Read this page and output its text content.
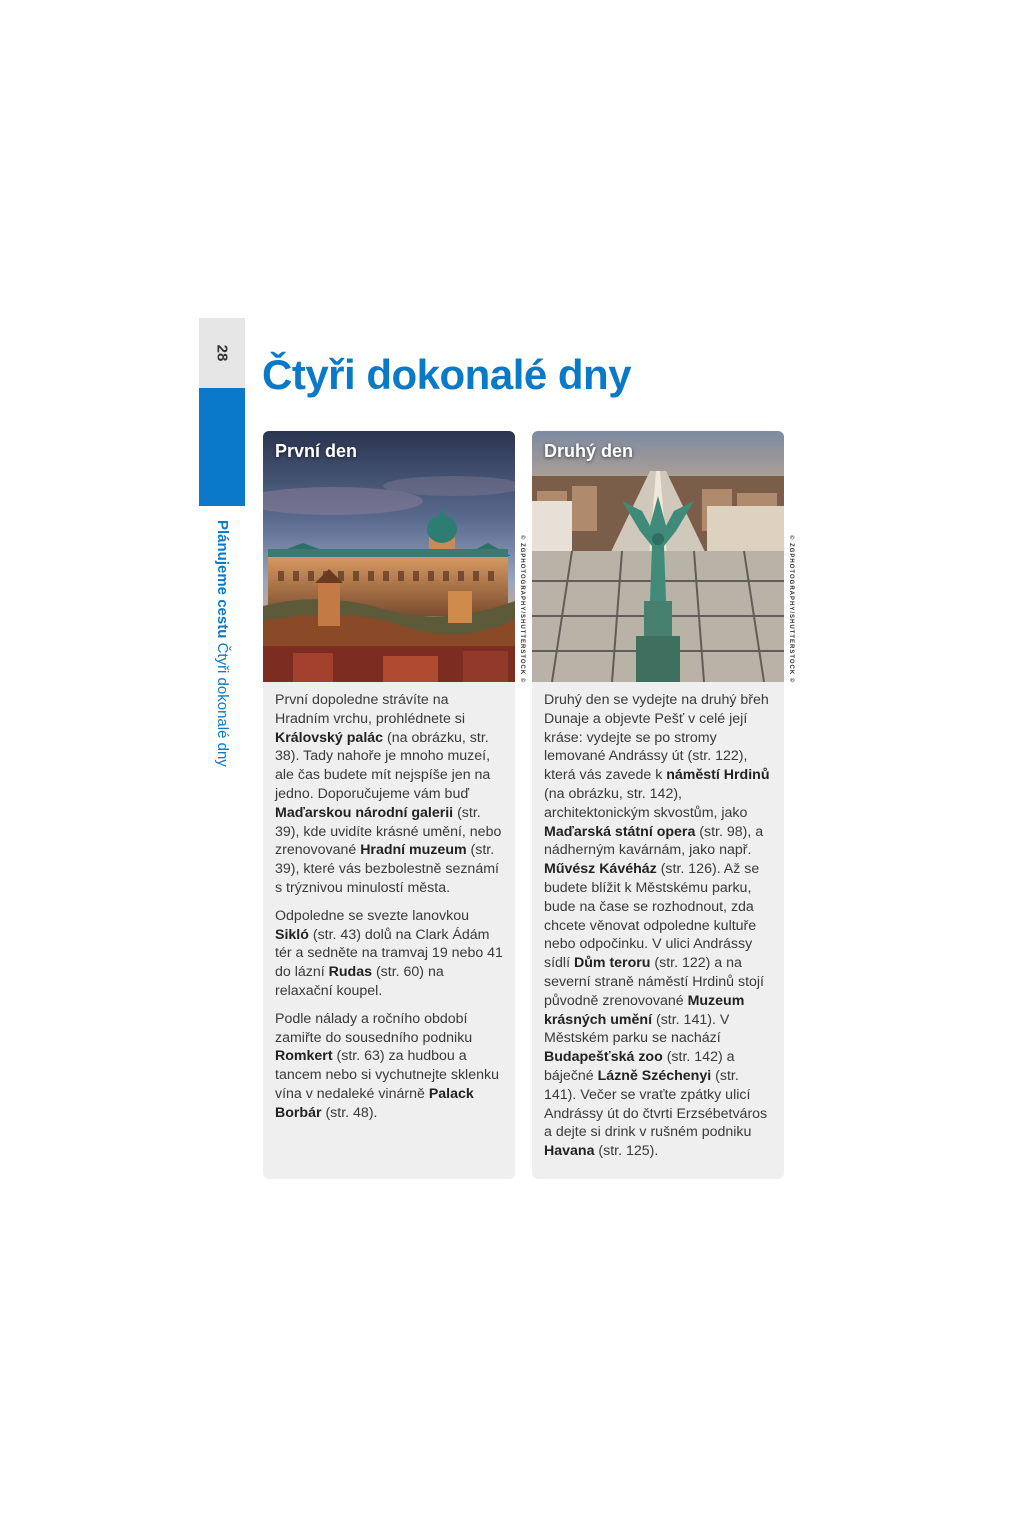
28
Plánujeme cestu Čtyři dokonalé dny
Čtyři dokonalé dny
První den

První dopoledne strávíte na Hradním vrchu, prohlédnete si Královský palác (na obrázku, str. 38). Tady nahoře je mnoho muzeí, ale čas budete mít nejspíše jen na jedno. Doporučujeme vám buď Maďarskou národní galerii (str. 39), kde uvidíte krásné umění, nebo zrenovované Hradní muzeum (str. 39), které vás bezbolestně seznámí s trýznivou minulostí města.

Odpoledne se svezte lanovkou Sikló (str. 43) dolů na Clark Ádám tér a sedněte na tramvaj 19 nebo 41 do lázní Rudas (str. 60) na relaxační koupel.

Podle nálady a ročního období zamiřte do sousedního podniku Romkert (str. 63) za hudbou a tancem nebo si vychutnejte sklenku vína v nedaleké vinárně Palack Borbár (str. 48).

© ZGPHOTOGRAPHY/SHUTTERSTOCK ©
Druhý den

Druhý den se vydejte na druhý břeh Dunaje a objevte Pešť v celé její kráse: vydejte se po stromy lemované Andrássy út (str. 122), která vás zavede k náměstí Hrdinů (na obrázku, str. 142), architektonickým skvostům, jako Maďarská státní opera (str. 98), a nádherným kavárnám, jako např. Művész Kávéház (str. 126). Až se budete blížit k Městskému parku, bude na čase se rozhodnout, zda chcete věnovat odpoledne kultuře nebo odpočinku. V ulici Andrássy sídlí Dům teroru (str. 122) a na severní straně náměstí Hrdinů stojí původně zrenovované Muzeum krásných umění (str. 141). V Městském parku se nachází Budapešťská zoo (str. 142) a báječné Lázně Széchenyi (str. 141). Večer se vraťte zpátky ulicí Andrássy út do čtvrti Erzsébetváros a dejte si drink v rušném podniku Havana (str. 125).

© ZGPHOTOGRAPHY/SHUTTERSTOCK ©
